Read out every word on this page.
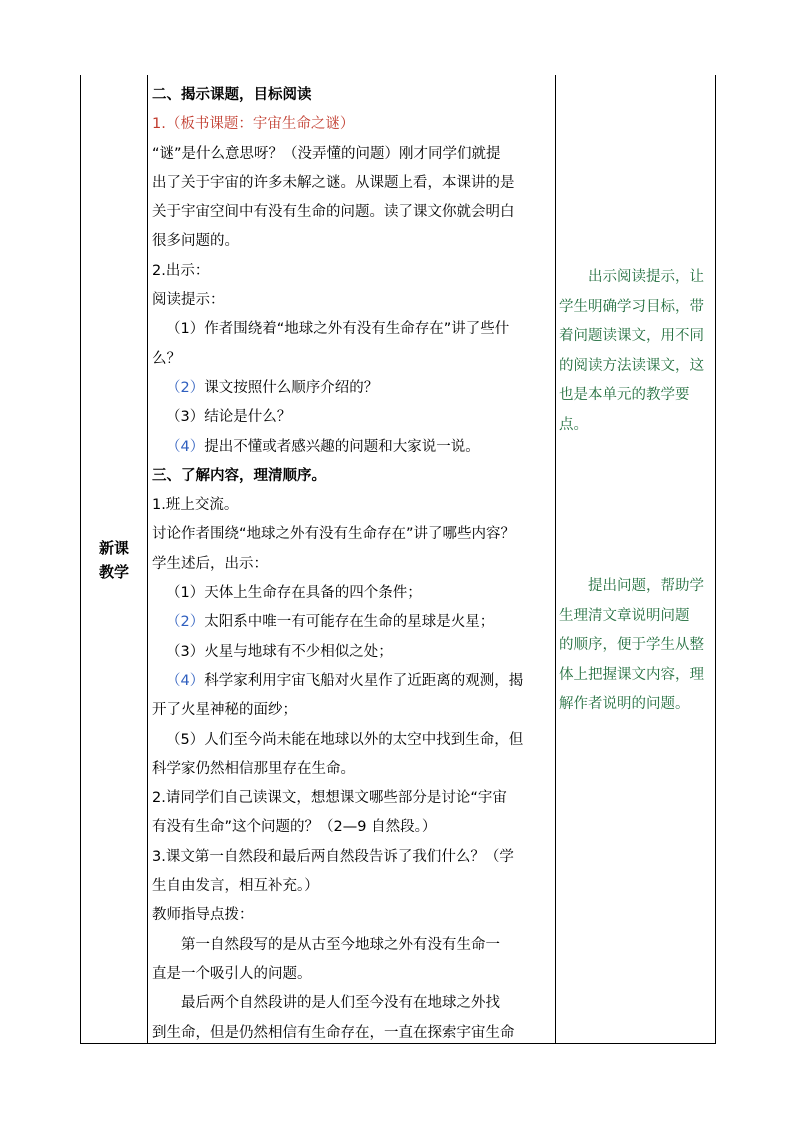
新课
教学
二、揭示课题，目标阅读
1.（板书课题：宇宙生命之谜）
“谜”是什么意思呀？（没弄懂的问题）刚才同学们就提
出了关于宇宙的许多未解之谜。从课题上看，本课讲的是
关于宇宙空间中有没有生命的问题。读了课文你就会明白
很多问题的。
2.出示：
阅读提示：
（1）作者围绕着“地球之外有没有生命存在”讲了些什
么？
（2）课文按照什么顺序介绍的？
（3）结论是什么？
（4）提出不懂或者感兴趣的问题和大家说一说。
三、了解内容，理清顺序。
1.班上交流。
讨论作者围绕“地球之外有没有生命存在”讲了哪些内容？
学生述后，出示：
（1）天体上生命存在具备的四个条件；
（2）太阳系中唯一有可能存在生命的星球是火星；
（3）火星与地球有不少相似之处；
（4）科学家利用宇宙飞船对火星作了近距离的观测，揭
开了火星神秘的面纱；
（5）人们至今尚未能在地球以外的太空中找到生命，但
科学家仍然相信那里存在生命。
2.请同学们自己读课文，想想课文哪些部分是讨论“宇宙
有没有生命”这个问题的？（2—9 自然段。）
3.课文第一自然段和最后两自然段告诉了我们什么？（学
生自由发言，相互补充。）
教师指导点拨：
第一自然段写的是从古至今地球之外有没有生命一
直是一个吸引人的问题。
最后两个自然段讲的是人们至今没有在地球之外找
到生命，但是仍然相信有生命存在，一直在探索宇宙生命
出示阅读提示，让
学生明确学习目标，带
着问题读课文，用不同
的阅读方法读课文，这
也是本单元的教学要
点。
提出问题，帮助学
生理清文章说明问题
的顺序，便于学生从整
体上把握课文内容，理
解作者说明的问题。
